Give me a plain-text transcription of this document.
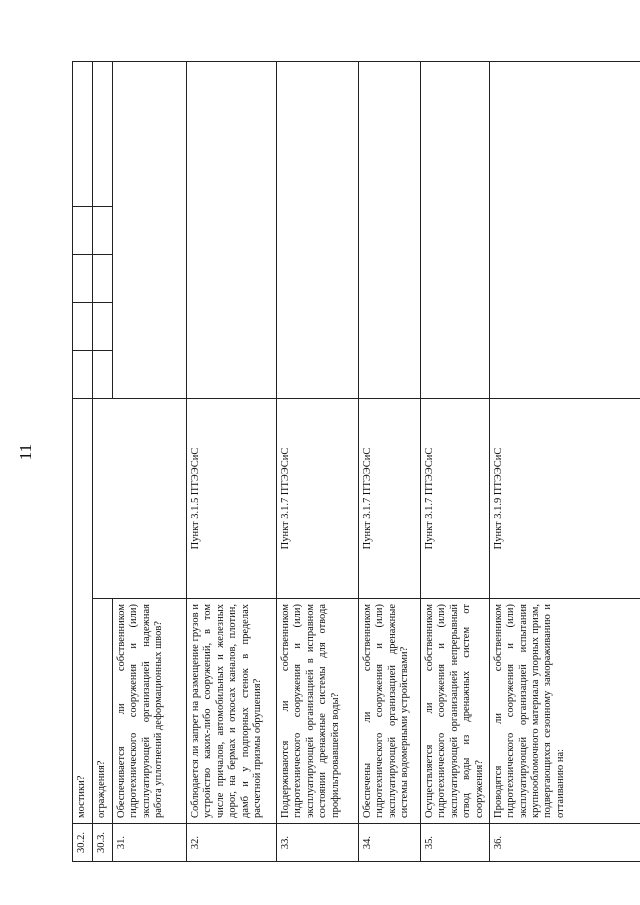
11
30.2.	мостики?						
30.3.	ограждения?						
31.	Обеспечивается ли собственником гидротехнического сооружения и (или) эксплуатирующей организацией надежная работа уплотнений деформационных швов?						
32.	Соблюдается ли запрет на размещение грузов и устройство каких-либо сооружений, в том числе причалов, автомобильных и железных дорог, на бермах и откосах каналов, плотин, дамб и у подпорных стенок в пределах расчетной призмы обрушения?	Пункт 3.1.5 ПТЭЭСиС					
33.	Поддерживаются ли собственником гидротехнического сооружения и (или) эксплуатирующей организацией в исправном состоянии дренажные системы для отвода профильтровавшейся воды?	Пункт 3.1.7 ПТЭЭСиС					
34.	Обеспечены ли собственником гидротехнического сооружения и (или) эксплуатирующей организацией дренажные системы водомерными устройствами?	Пункт 3.1.7 ПТЭЭСиС					
35.	Осуществляется ли собственником гидротехнического сооружения и (или) эксплуатирующей организацией непрерывный отвод воды из дренажных систем от сооружения?	Пункт 3.1.7 ПТЭЭСиС					
36.	Проводятся ли собственником гидротехнического сооружения и (или) эксплуатирующей организацией испытания крупнообломочного материала упорных призм, подвергающихся сезонному замораживанию и оттаиванию на:	Пункт 3.1.9 ПТЭЭСиС					
